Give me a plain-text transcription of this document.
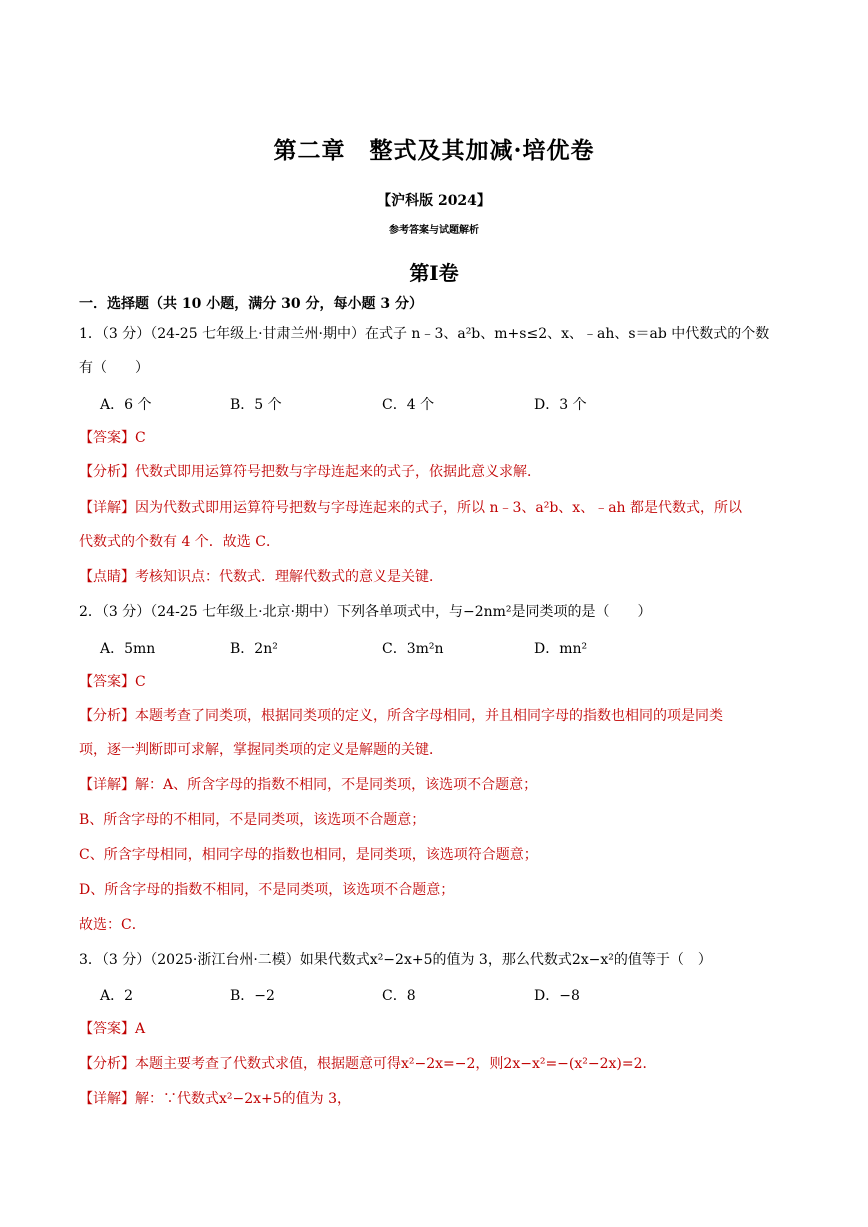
第二章　整式及其加减·培优卷
【沪科版 2024】
参考答案与试题解析
第Ⅰ卷
一．选择题（共 10 小题，满分 30 分，每小题 3 分）
1．（3 分）（24-25 七年级上·甘肃兰州·期中）在式子 n﹣3、a²b、m+s≤2、x、﹣ah、s＝ab 中代数式的个数
有（　　）
A．6 个	B．5 个	C．4 个	D．3 个
【答案】C
【分析】代数式即用运算符号把数与字母连起来的式子，依据此意义求解．
【详解】因为代数式即用运算符号把数与字母连起来的式子，所以 n﹣3、a²b、x、﹣ah 都是代数式，所以
代数式的个数有 4 个．故选 C．
【点睛】考核知识点：代数式．理解代数式的意义是关键．
2．（3 分）（24-25 七年级上·北京·期中）下列各单项式中，与−2nm²是同类项的是（　　）
A．5mn	B．2n²	C．3m²n	D．mn²
【答案】C
【分析】本题考查了同类项，根据同类项的定义，所含字母相同，并且相同字母的指数也相同的项是同类
项，逐一判断即可求解，掌握同类项的定义是解题的关键．
【详解】解：A、所含字母的指数不相同，不是同类项，该选项不合题意；
B、所含字母的不相同，不是同类项，该选项不合题意；
C、所含字母相同，相同字母的指数也相同，是同类项，该选项符合题意；
D、所含字母的指数不相同，不是同类项，该选项不合题意；
故选：C．
3．（3 分）（2025·浙江台州·二模）如果代数式x²−2x+5的值为 3，那么代数式2x−x²的值等于（　）
A．2	B．−2	C．8	D．−8
【答案】A
【分析】本题主要考查了代数式求值，根据题意可得x²−2x=−2，则2x−x²=−(x²−2x)=2．
【详解】解：∵代数式x²−2x+5的值为 3，
